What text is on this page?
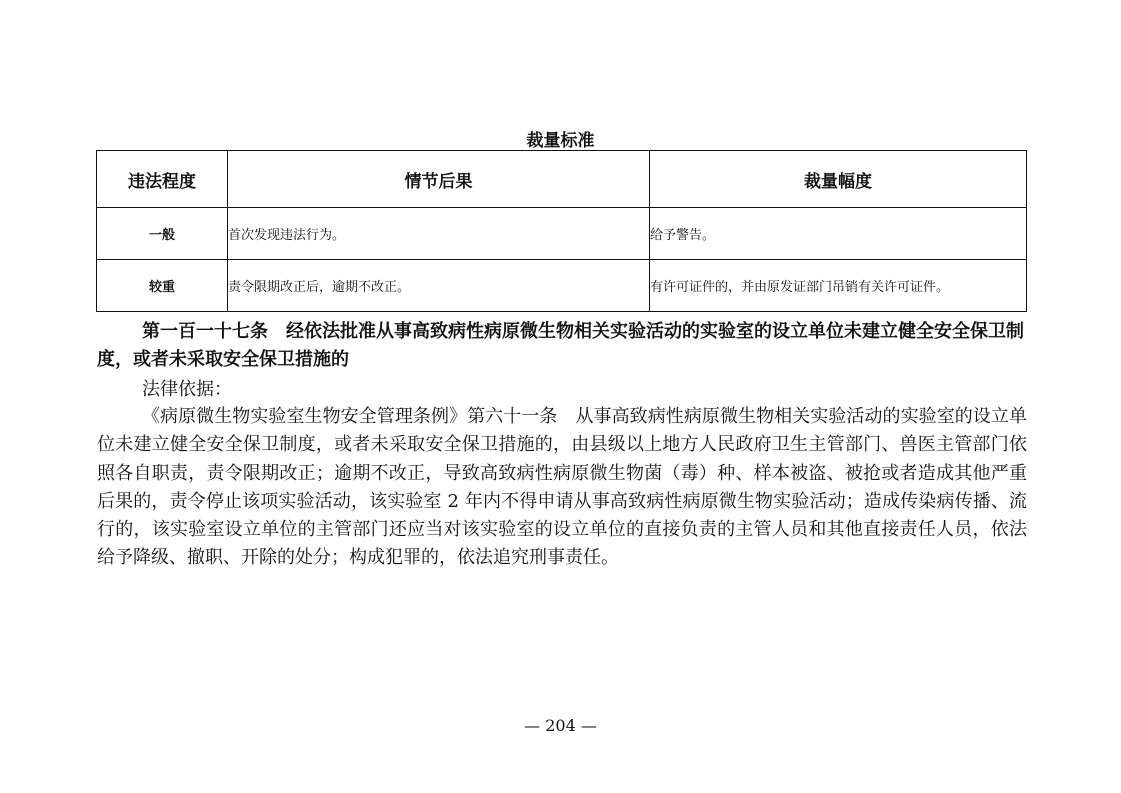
裁量标准
违法程度	情节后果	裁量幅度
一般	首次发现违法行为。	给予警告。
较重	责令限期改正后，逾期不改正。	有许可证件的，并由原发证部门吊销有关许可证件。
第一百一十七条　经依法批准从事高致病性病原微生物相关实验活动的实验室的设立单位未建立健全安全保卫制度，或者未采取安全保卫措施的
法律依据：
《病原微生物实验室生物安全管理条例》第六十一条　从事高致病性病原微生物相关实验活动的实验室的设立单位未建立健全安全保卫制度，或者未采取安全保卫措施的，由县级以上地方人民政府卫生主管部门、兽医主管部门依照各自职责，责令限期改正；逾期不改正，导致高致病性病原微生物菌（毒）种、样本被盗、被抢或者造成其他严重后果的，责令停止该项实验活动，该实验室 2 年内不得申请从事高致病性病原微生物实验活动；造成传染病传播、流行的，该实验室设立单位的主管部门还应当对该实验室的设立单位的直接负责的主管人员和其他直接责任人员，依法给予降级、撤职、开除的处分；构成犯罪的，依法追究刑事责任。
— 204 —
